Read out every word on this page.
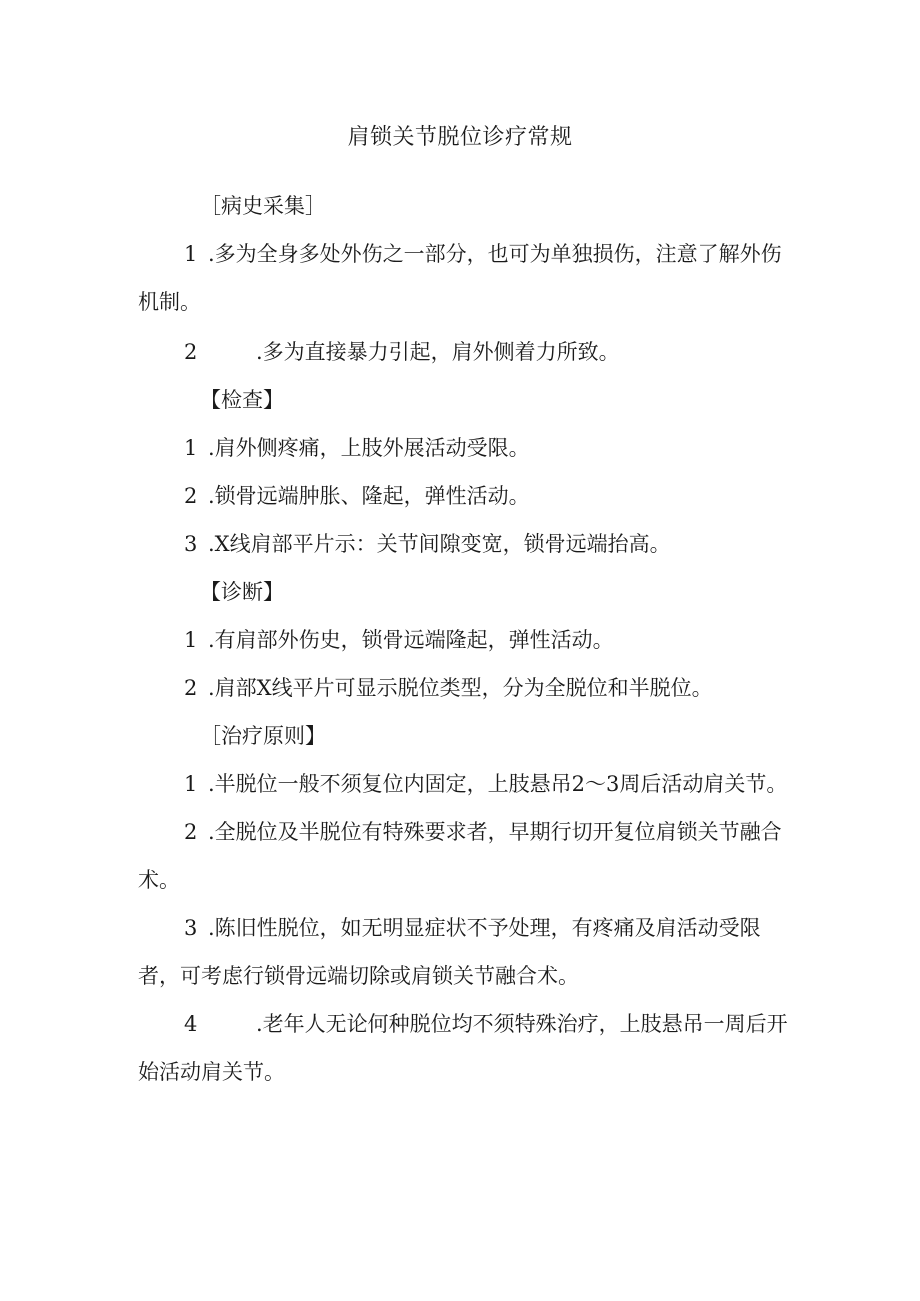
肩锁关节脱位诊疗常规

［病史采集］

1 .多为全身多处外伤之一部分，也可为单独损伤，注意了解外伤机制。

2	.多为直接暴力引起，肩外侧着力所致。

【检查】

1 .肩外侧疼痛，上肢外展活动受限。

2 .锁骨远端肿胀、隆起，弹性活动。

3 .X线肩部平片示：关节间隙变宽，锁骨远端抬高。

【诊断】

1 .有肩部外伤史，锁骨远端隆起，弹性活动。

2 .肩部X线平片可显示脱位类型，分为全脱位和半脱位。

［治疗原则】

1 .半脱位一般不须复位内固定，上肢悬吊2～3周后活动肩关节。

2 .全脱位及半脱位有特殊要求者，早期行切开复位肩锁关节融合术。

3 .陈旧性脱位，如无明显症状不予处理，有疼痛及肩活动受限者，可考虑行锁骨远端切除或肩锁关节融合术。

4	.老年人无论何种脱位均不须特殊治疗，上肢悬吊一周后开始活动肩关节。
